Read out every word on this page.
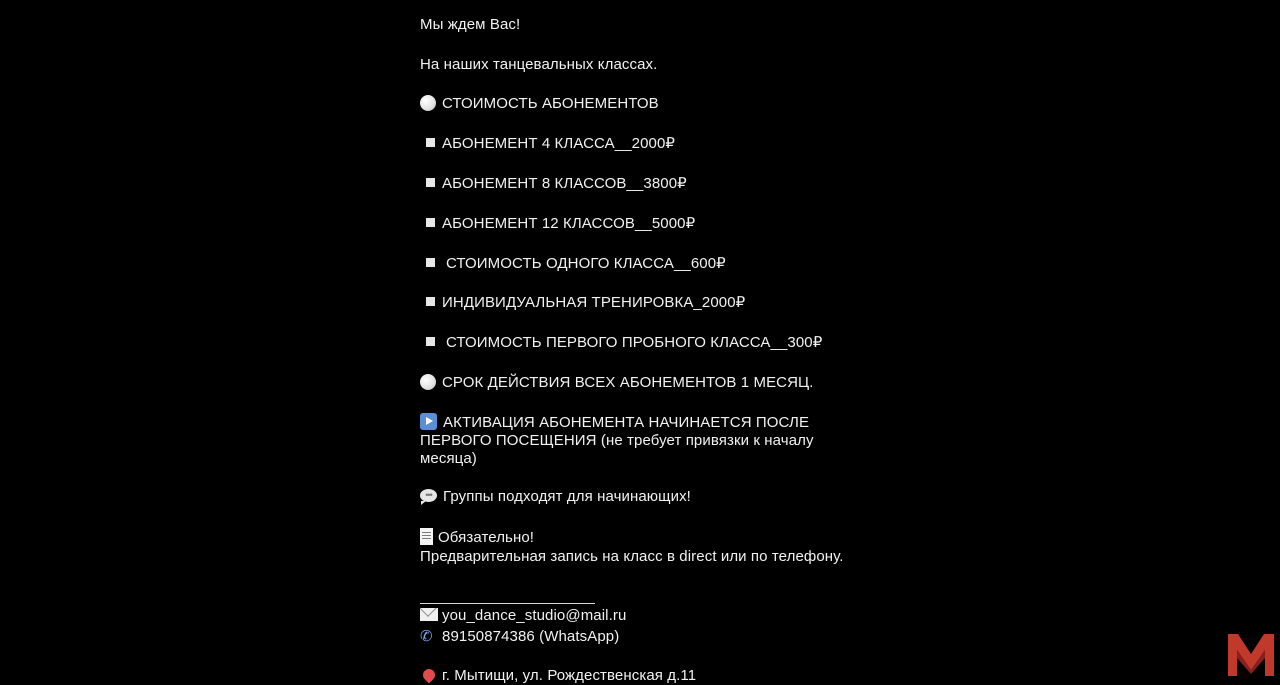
Мы ждем Вас!
На наших танцевальных классах.
СТОИМОСТЬ АБОНЕМЕНТОВ
АБОНЕМЕНТ 4 КЛАССА__2000₽
АБОНЕМЕНТ 8 КЛАССОВ__3800₽
АБОНЕМЕНТ 12 КЛАССОВ__5000₽
СТОИМОСТЬ ОДНОГО КЛАССА__600₽
ИНДИВИДУАЛЬНАЯ ТРЕНИРОВКА_2000₽
СТОИМОСТЬ ПЕРВОГО ПРОБНОГО КЛАССА__300₽
СРОК ДЕЙСТВИЯ ВСЕХ АБОНЕМЕНТОВ 1 МЕСЯЦ.
АКТИВАЦИЯ АБОНЕМЕНТА НАЧИНАЕТСЯ ПОСЛЕ ПЕРВОГО ПОСЕЩЕНИЯ (не требует привязки к началу месяца)
•••Группы подходят для начинающих!
Обязательно!
Предварительная запись на класс в direct или по телефону.
you_dance_studio@mail.ru
✆ 89150874386 (WhatsApp)
г. Мытищи, ул. Рождественская д.11
